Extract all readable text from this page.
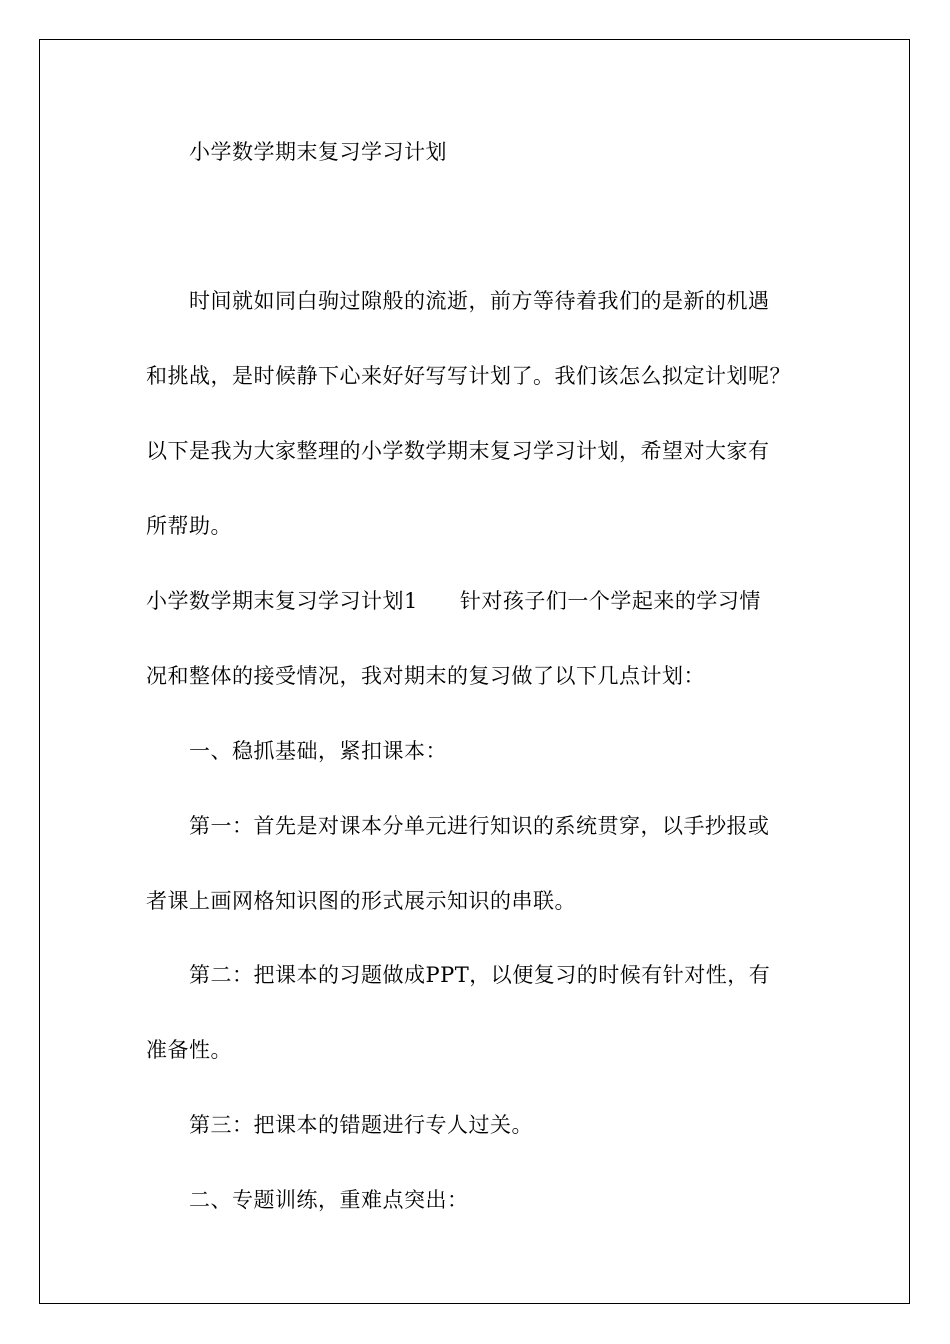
小学数学期末复习学习计划
时间就如同白驹过隙般的流逝，前方等待着我们的是新的机遇
和挑战，是时候静下心来好好写写计划了。我们该怎么拟定计划呢？
以下是我为大家整理的小学数学期末复习学习计划，希望对大家有
所帮助。
小学数学期末复习学习计划1 针对孩子们一个学起来的学习情
况和整体的接受情况，我对期末的复习做了以下几点计划：
一、稳抓基础，紧扣课本：
第一：首先是对课本分单元进行知识的系统贯穿，以手抄报或
者课上画网格知识图的形式展示知识的串联。
第二：把课本的习题做成PPT，以便复习的时候有针对性，有
准备性。
第三：把课本的错题进行专人过关。
二、专题训练，重难点突出：
